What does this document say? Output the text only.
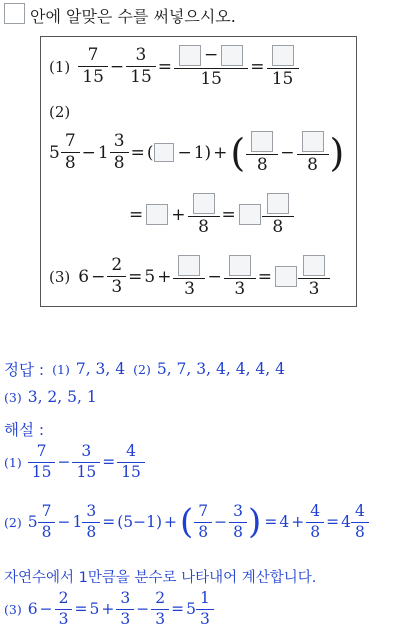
안에 알맞은 수를 써넣으시오.
$(1) \frac{7}{15} - \frac{3}{15} = \frac{-}{15}$ =
15
(2)
$5 \frac{7}{8} - 1 \frac{3}{8}$ = ( − 1 ) + ( 8
−
8 )
= +
8
=
8
(3) $6 - \frac{2}{3} = 5$ +
3
−
3
=
3
정답 : (1) 7, 3, 4 (2) 5, 7, 3, 4, 4, 4, 4
(3) 3, 2, 5, 1
해설 :
$(1) \frac{7}{15} - \frac{3}{15} = \frac{4}{15}$
(2) $5 \frac{7}{8} - 1 \frac{3}{8} = (5-1)$ + ( $\frac{7}{8} - \frac{3}{8}$ ) = $4 + \frac{4}{8} = 4 \frac{4}{8}$
자연수에서 1만큼을 분수로 나타내어 계산합니다.
(3) $6 - \frac{2}{3} = 5 + \frac{3}{3} - \frac{2}{3} = 5 \frac{1}{3}$
